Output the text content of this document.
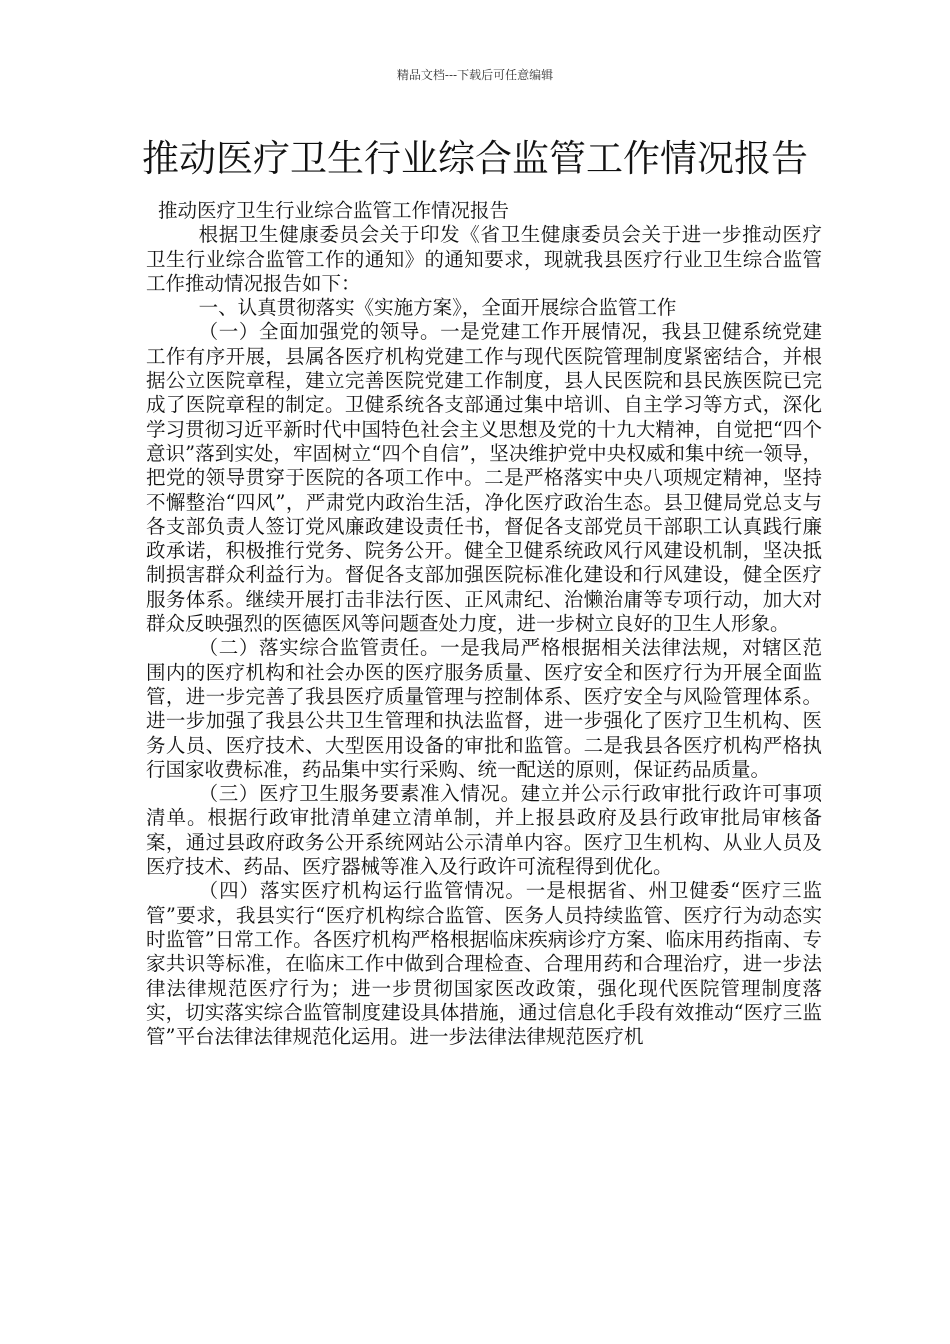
精品文档---下载后可任意编辑
推动医疗卫生行业综合监管工作情况报告

推动医疗卫生行业综合监管工作情况报告

根据卫生健康委员会关于印发《省卫生健康委员会关于进一步推动医疗卫生行业综合监管工作的通知》的通知要求，现就我县医疗行业卫生综合监管工作推动情况报告如下：

一、认真贯彻落实《实施方案》，全面开展综合监管工作

（一）全面加强党的领导。一是党建工作开展情况，我县卫健系统党建工作有序开展，县属各医疗机构党建工作与现代医院管理制度紧密结合，并根据公立医院章程，建立完善医院党建工作制度，县人民医院和县民族医院已完成了医院章程的制定。卫健系统各支部通过集中培训、自主学习等方式，深化学习贯彻习近平新时代中国特色社会主义思想及党的十九大精神，自觉把“四个意识”落到实处，牢固树立“四个自信”，坚决维护党中央权威和集中统一领导，把党的领导贯穿于医院的各项工作中。二是严格落实中央八项规定精神，坚持不懈整治“四风”，严肃党内政治生活，净化医疗政治生态。县卫健局党总支与各支部负责人签订党风廉政建设责任书，督促各支部党员干部职工认真践行廉政承诺，积极推行党务、院务公开。健全卫健系统政风行风建设机制，坚决抵制损害群众利益行为。督促各支部加强医院标准化建设和行风建设，健全医疗服务体系。继续开展打击非法行医、正风肃纪、治懒治庸等专项行动，加大对群众反映强烈的医德医风等问题查处力度，进一步树立良好的卫生人形象。

（二）落实综合监管责任。一是我局严格根据相关法律法规，对辖区范围内的医疗机构和社会办医的医疗服务质量、医疗安全和医疗行为开展全面监管，进一步完善了我县医疗质量管理与控制体系、医疗安全与风险管理体系。进一步加强了我县公共卫生管理和执法监督，进一步强化了医疗卫生机构、医务人员、医疗技术、大型医用设备的审批和监管。二是我县各医疗机构严格执行国家收费标准，药品集中实行采购、统一配送的原则，保证药品质量。

（三）医疗卫生服务要素准入情况。建立并公示行政审批行政许可事项清单。根据行政审批清单建立清单制，并上报县政府及县行政审批局审核备案，通过县政府政务公开系统网站公示清单内容。医疗卫生机构、从业人员及医疗技术、药品、医疗器械等准入及行政许可流程得到优化。

（四）落实医疗机构运行监管情况。一是根据省、州卫健委“医疗三监管”要求，我县实行“医疗机构综合监管、医务人员持续监管、医疗行为动态实时监管”日常工作。各医疗机构严格根据临床疾病诊疗方案、临床用药指南、专家共识等标准，在临床工作中做到合理检查、合理用药和合理治疗，进一步法律法律规范医疗行为；进一步贯彻国家医改政策，强化现代医院管理制度落实，切实落实综合监管制度建设具体措施，通过信息化手段有效推动“医疗三监管”平台法律法律规范化运用。进一步法律法律规范医疗机
